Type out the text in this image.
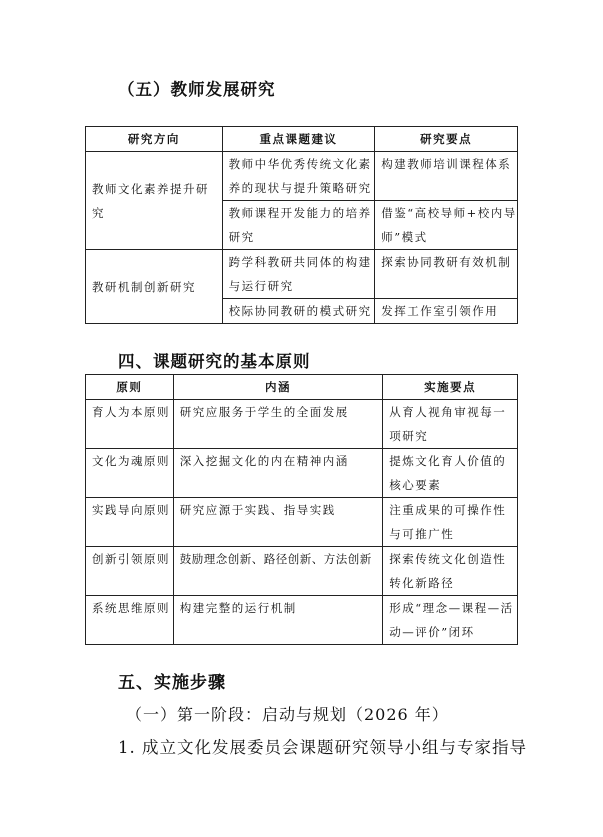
（五）教师发展研究
研究方向	重点课题建议	研究要点
教师文化素养提升研究	教师中华优秀传统文化素养的现状与提升策略研究	构建教师培训课程体系
	教师课程开发能力的培养研究	借鉴“高校导师+校内导师”模式
教研机制创新研究	跨学科教研共同体的构建与运行研究	探索协同教研有效机制
	校际协同教研的模式研究	发挥工作室引领作用
四、课题研究的基本原则
原则	内涵	实施要点
育人为本原则	研究应服务于学生的全面发展	从育人视角审视每一项研究
文化为魂原则	深入挖掘文化的内在精神内涵	提炼文化育人价值的核心要素
实践导向原则	研究应源于实践、指导实践	注重成果的可操作性与可推广性
创新引领原则	鼓励理念创新、路径创新、方法创新	探索传统文化创造性转化新路径
系统思维原则	构建完整的运行机制	形成“理念—课程—活动—评价”闭环
五、实施步骤
（一）第一阶段：启动与规划（2026 年）
1. 成立文化发展委员会课题研究领导小组与专家指导
